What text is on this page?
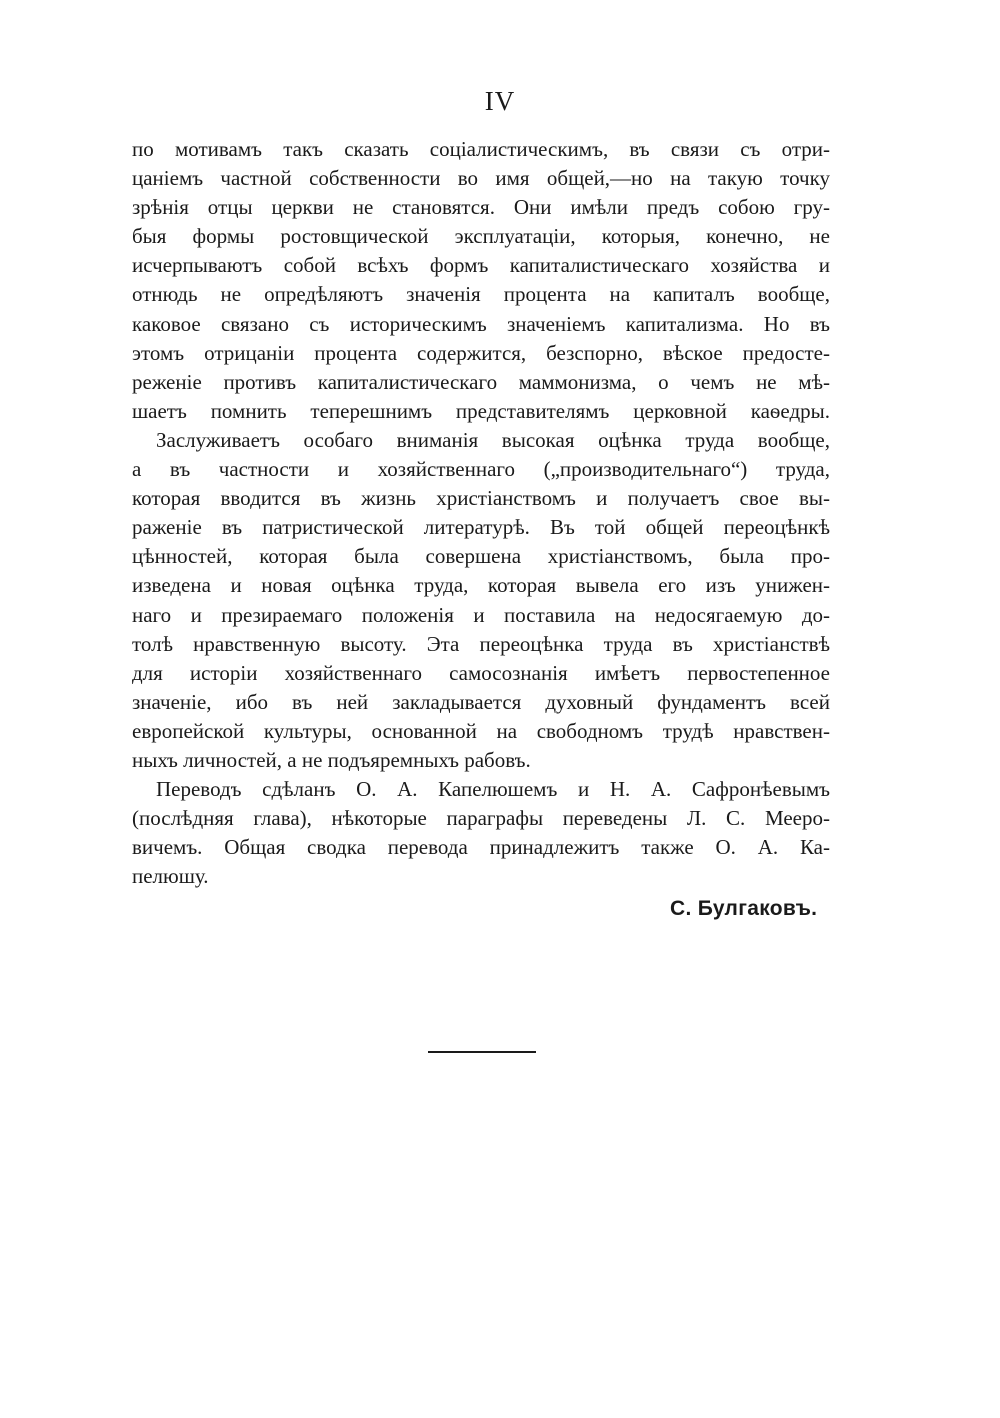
IV
по мотивамъ такъ сказать соціалистическимъ, въ связи съ отри-
цаніемъ частной собственности во имя общей,—но на такую точку
зрѣнія отцы церкви не становятся. Они имѣли предъ собою гру-
быя формы ростовщической эксплуатаціи, которыя, конечно, не
исчерпываютъ собой всѣхъ формъ капиталистическаго хозяйства и
отнюдь не опредѣляютъ значенія процента на капиталъ вообще,
каковое связано съ историческимъ значеніемъ капитализма. Но въ
этомъ отрицаніи процента содержится, безспорно, вѣское предосте-
реженіе противъ капиталистическаго маммонизма, о чемъ не мѣ-
шаетъ помнить теперешнимъ представителямъ церковной каѳедры.
Заслуживаетъ особаго вниманія высокая оцѣнка труда вообще,
а въ частности и хозяйственнаго („производительнаго“) труда,
которая вводится въ жизнь христіанствомъ и получаетъ свое вы-
раженіе въ патристической литературѣ. Въ той общей переоцѣнкѣ
цѣнностей, которая была совершена христіанствомъ, была про-
изведена и новая оцѣнка труда, которая вывела его изъ унижен-
наго и презираемаго положенія и поставила на недосягаемую до-
толѣ нравственную высоту. Эта переоцѣнка труда въ христіанствѣ
для исторіи хозяйственнаго самосознанія имѣетъ первостепенное
значеніе, ибо въ ней закладывается духовный фундаментъ всей
европейской культуры, основанной на свободномъ трудѣ нравствен-
ныхъ личностей, а не подъяремныхъ рабовъ.
Переводъ сдѣланъ О. А. Капелюшемъ и Н. А. Сафронѣевымъ
(послѣдняя глава), нѣкоторые параграфы переведены Л. С. Мееро-
вичемъ. Общая сводка перевода принадлежитъ также О. А. Ка-
пелюшу.
С. Булгаковъ.
